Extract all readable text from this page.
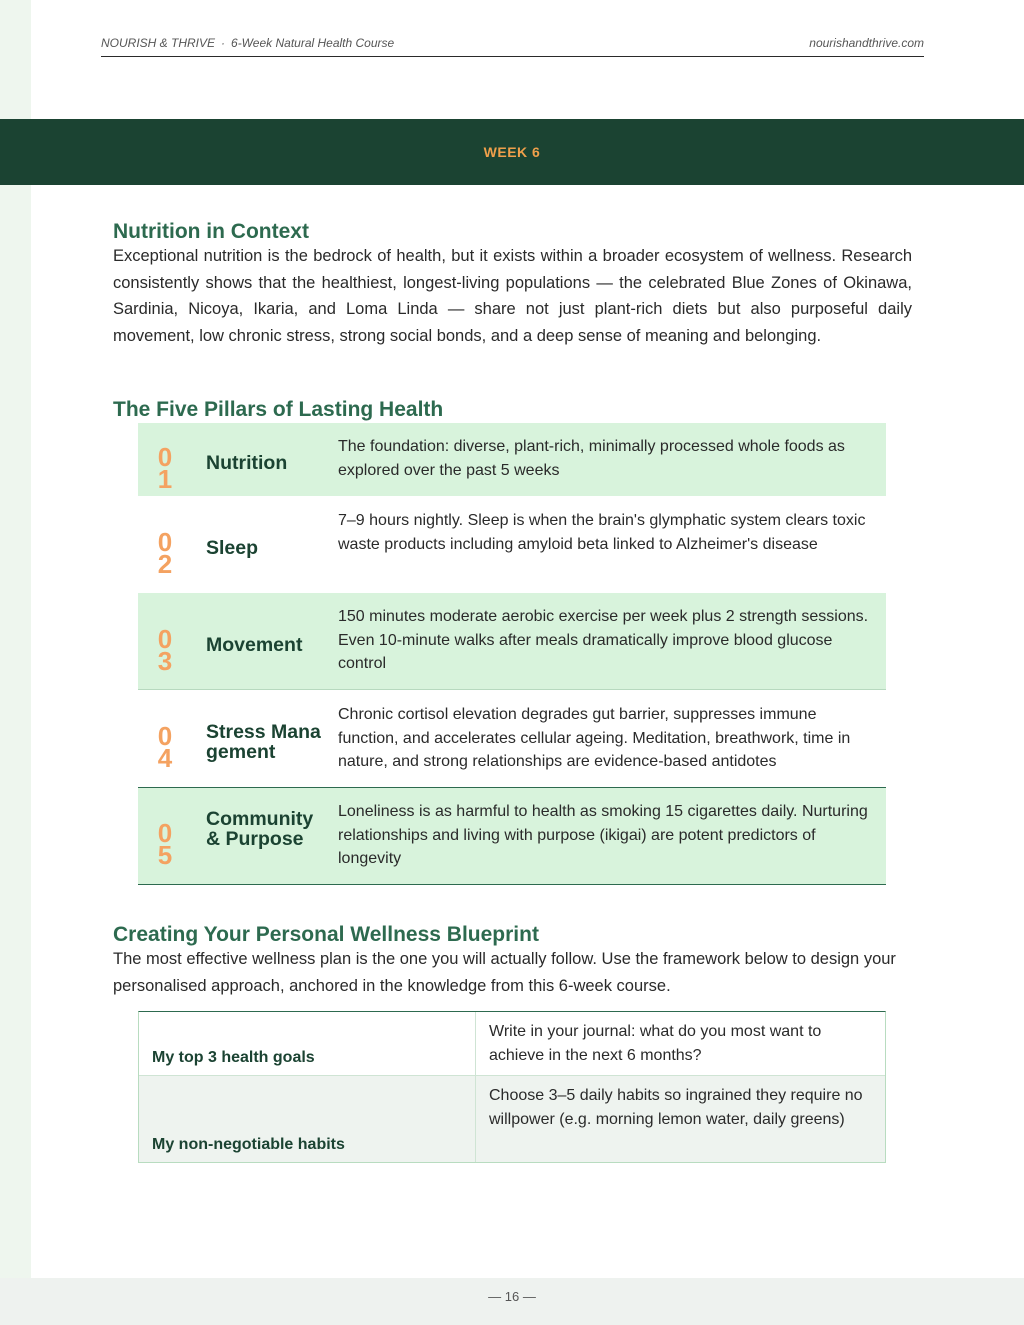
NOURISH & THRIVE · 6-Week Natural Health Course	nourishandthrive.com
WEEK 6
Nutrition in Context

Exceptional nutrition is the bedrock of health, but it exists within a broader ecosystem of wellness. Research consistently shows that the healthiest, longest-living populations — the celebrated Blue Zones of Okinawa, Sardinia, Nicoya, Ikaria, and Loma Linda — share not just plant-rich diets but also purposeful daily movement, low chronic stress, strong social bonds, and a deep sense of meaning and belonging.

The Five Pillars of Lasting Health
01
Nutrition
The foundation: diverse, plant-rich, minimally processed whole foods as explored over the past 5 weeks
02
Sleep
7–9 hours nightly. Sleep is when the brain's glymphatic system clears toxic waste products including amyloid beta linked to Alzheimer's disease
03
Movement
150 minutes moderate aerobic exercise per week plus 2 strength sessions. Even 10-minute walks after meals dramatically improve blood glucose control
04
Stress Management
Chronic cortisol elevation degrades gut barrier, suppresses immune function, and accelerates cellular ageing. Meditation, breathwork, time in nature, and strong relationships are evidence-based antidotes
05
Community & Purpose
Loneliness is as harmful to health as smoking 15 cigarettes daily. Nurturing relationships and living with purpose (ikigai) are potent predictors of longevity
Creating Your Personal Wellness Blueprint

The most effective wellness plan is the one you will actually follow. Use the framework below to design your personalised approach, anchored in the knowledge from this 6-week course.

My top 3 health goals
Write in your journal: what do you most want to achieve in the next 6 months?
My non-negotiable habits
Choose 3–5 daily habits so ingrained they require no willpower (e.g. morning lemon water, daily greens)
— 16 —
